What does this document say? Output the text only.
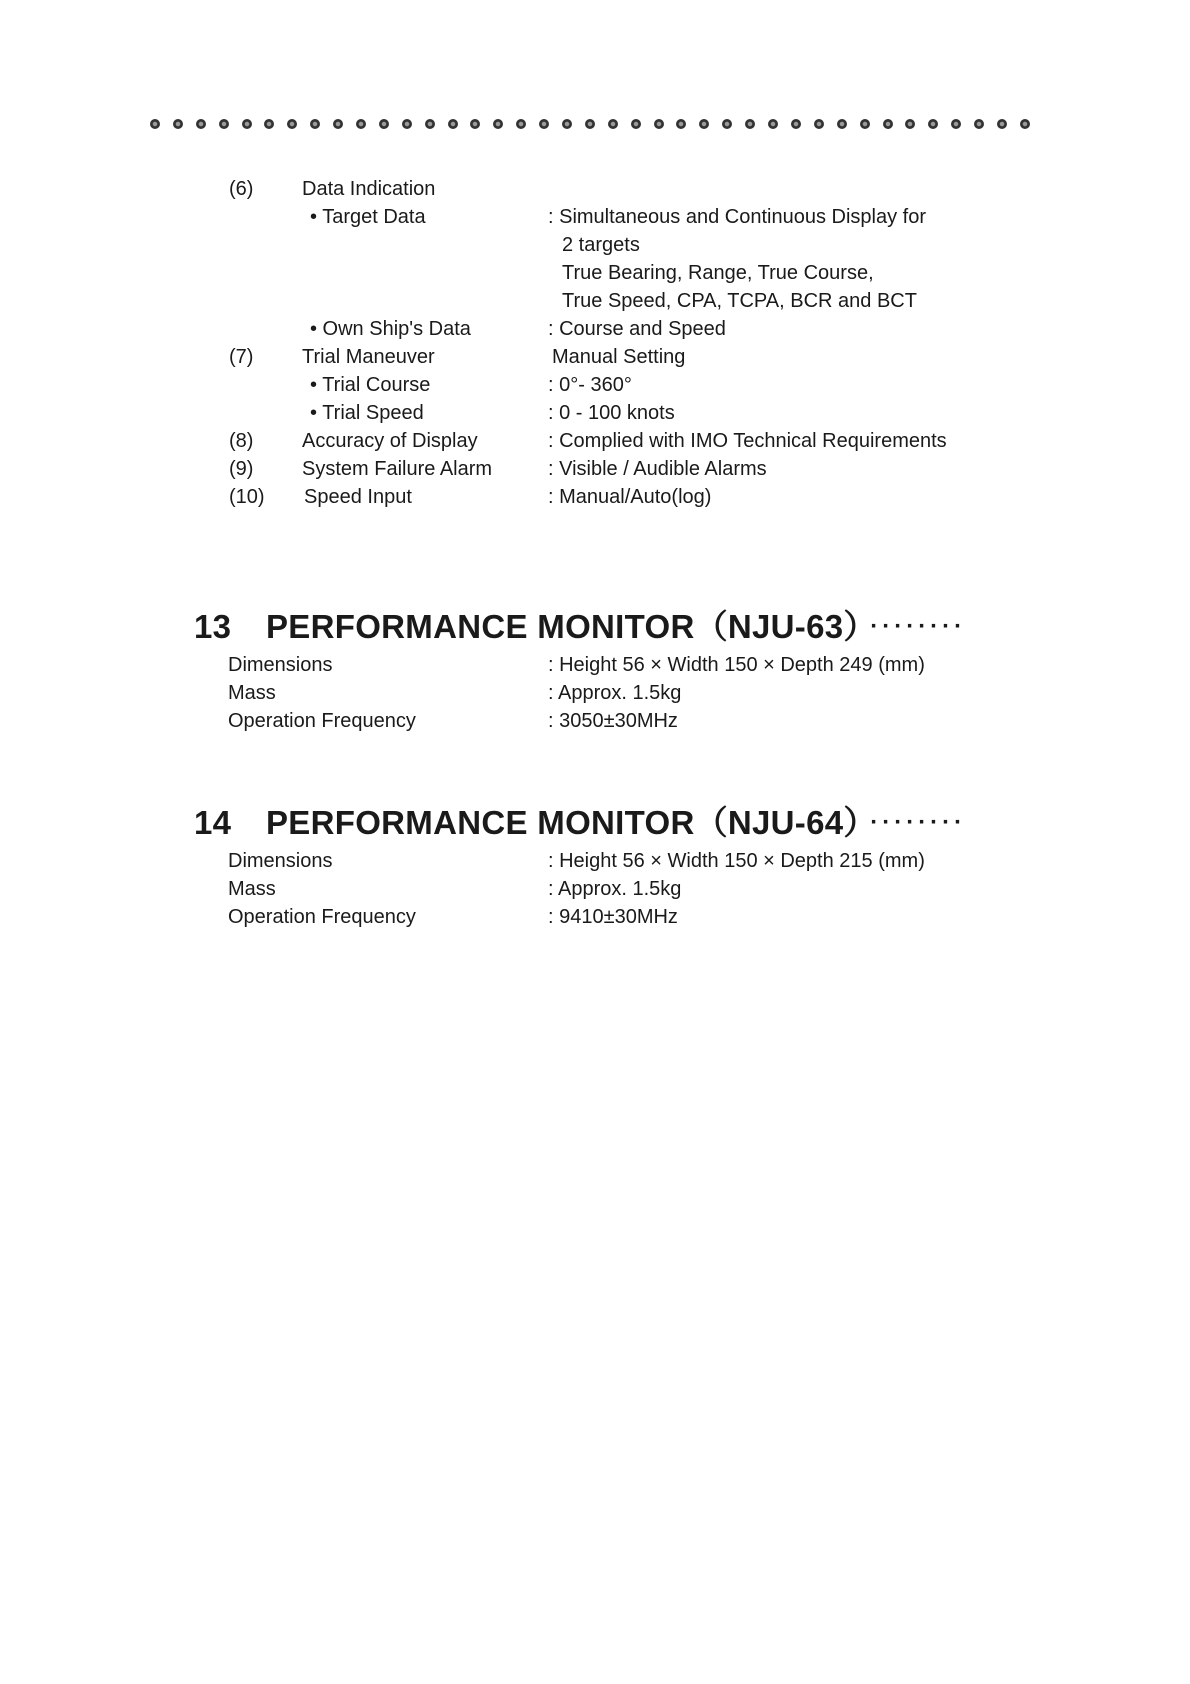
(6) Data Indication
• Target Data	: Simultaneous and Continuous Display for
2 targets
True Bearing, Range, True Course,
True Speed, CPA, TCPA, BCR and BCT
• Own Ship's Data	: Course and Speed
(7) Trial Maneuver	Manual Setting
• Trial Course	: 0°- 360°
• Trial Speed	: 0 - 100 knots
(8) Accuracy of Display	: Complied with IMO Technical Requirements
(9) System Failure Alarm	: Visible / Audible Alarms
(10) Speed Input	: Manual/Auto(log)
13 PERFORMANCE MONITOR（NJU-63） ········
Dimensions	: Height 56 × Width 150 × Depth 249 (mm)
Mass	: Approx. 1.5kg
Operation Frequency	: 3050±30MHz
14 PERFORMANCE MONITOR（NJU-64） ········
Dimensions	: Height 56 × Width 150 × Depth 215 (mm)
Mass	: Approx. 1.5kg
Operation Frequency	: 9410±30MHz
